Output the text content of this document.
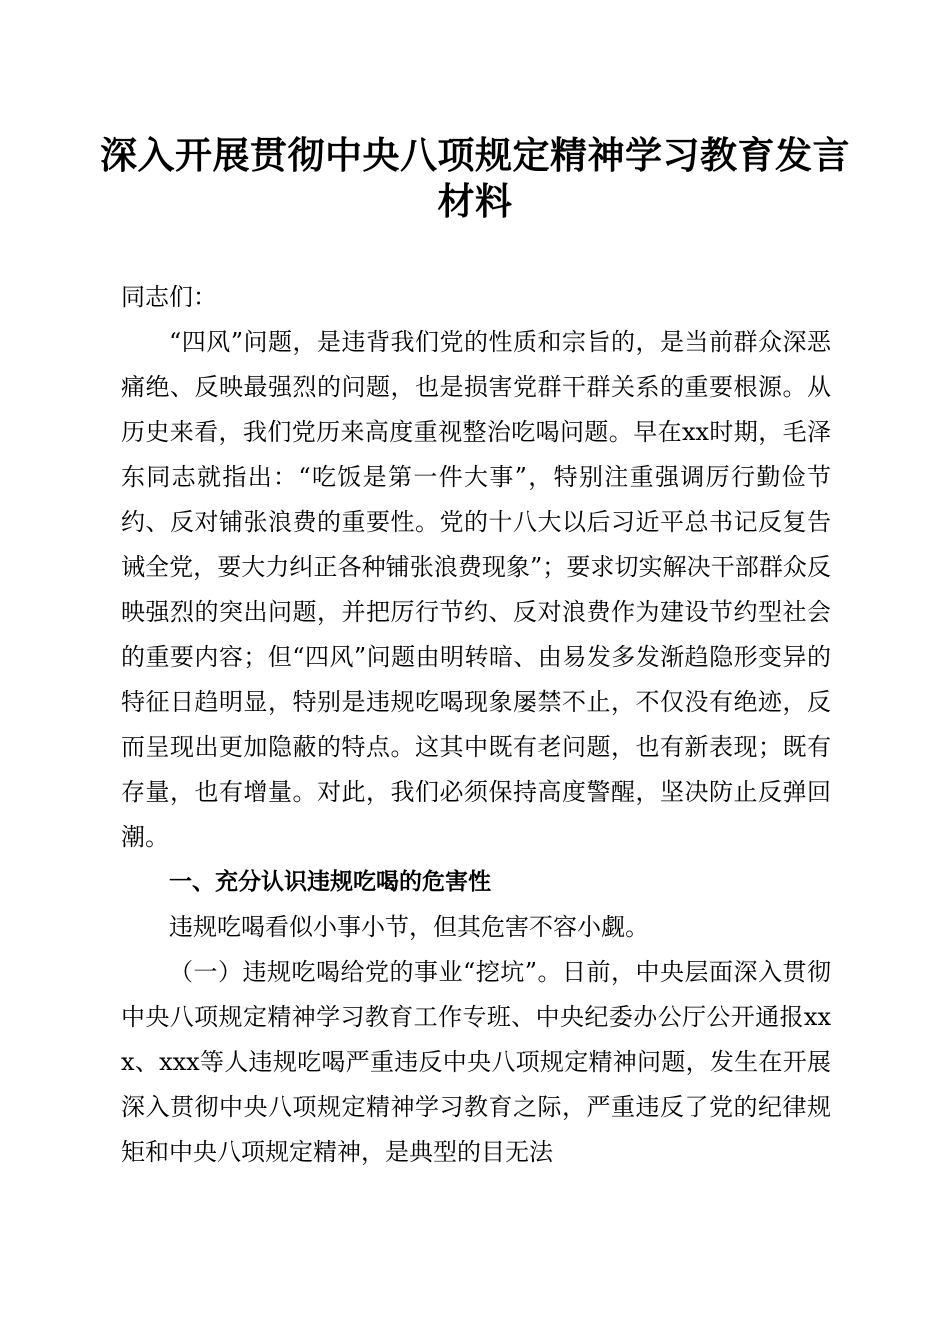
深入开展贯彻中央八项规定精神学习教育发言
材料

同志们：

“四风”问题，是违背我们党的性质和宗旨的，是当前群众深恶痛绝、反映最强烈的问题，也是损害党群干群关系的重要根源。从历史来看，我们党历来高度重视整治吃喝问题。早在xx时期，毛泽东同志就指出：“吃饭是第一件大事”，特别注重强调厉行勤俭节约、反对铺张浪费的重要性。党的十八大以后习近平总书记反复告诫全党，要大力纠正各种铺张浪费现象”；要求切实解决干部群众反映强烈的突出问题，并把厉行节约、反对浪费作为建设节约型社会的重要内容；但“四风”问题由明转暗、由易发多发渐趋隐形变异的特征日趋明显，特别是违规吃喝现象屡禁不止，不仅没有绝迹，反而呈现出更加隐蔽的特点。这其中既有老问题，也有新表现；既有存量，也有增量。对此，我们必须保持高度警醒，坚决防止反弹回潮。

一、充分认识违规吃喝的危害性

违规吃喝看似小事小节，但其危害不容小觑。

（一）违规吃喝给党的事业“挖坑”。日前，中央层面深入贯彻中央八项规定精神学习教育工作专班、中央纪委办公厅公开通报xxx、xxx等人违规吃喝严重违反中央八项规定精神问题，发生在开展深入贯彻中央八项规定精神学习教育之际，严重违反了党的纪律规矩和中央八项规定精神，是典型的目无法
